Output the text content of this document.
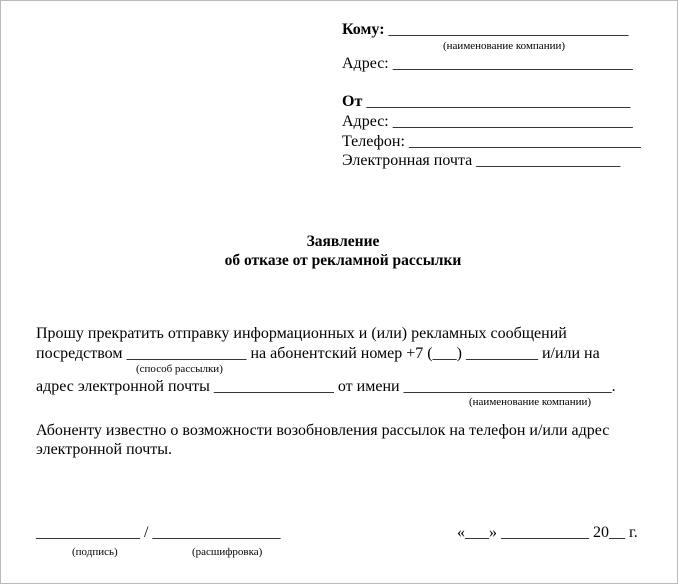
Кому: ______________________________
(наименование компании)
Адрес: ______________________________
От _________________________________
Адрес: ______________________________
Телефон: _____________________________
Электронная почта __________________
Заявление
об отказе от рекламной рассылки
Прошу прекратить отправку информационных и (или) рекламных сообщений
посредством _______________ на абонентский номер +7 (___) _________ и/или на
(способ рассылки)
адрес электронной почты _______________ от имени __________________________.
(наименование компании)
Абоненту известно о возможности возобновления рассылок на телефон и/или адрес
электронной почты.
_____________ / ________________	«___» ___________ 20__ г.
(подпись)	(расшифровка)
